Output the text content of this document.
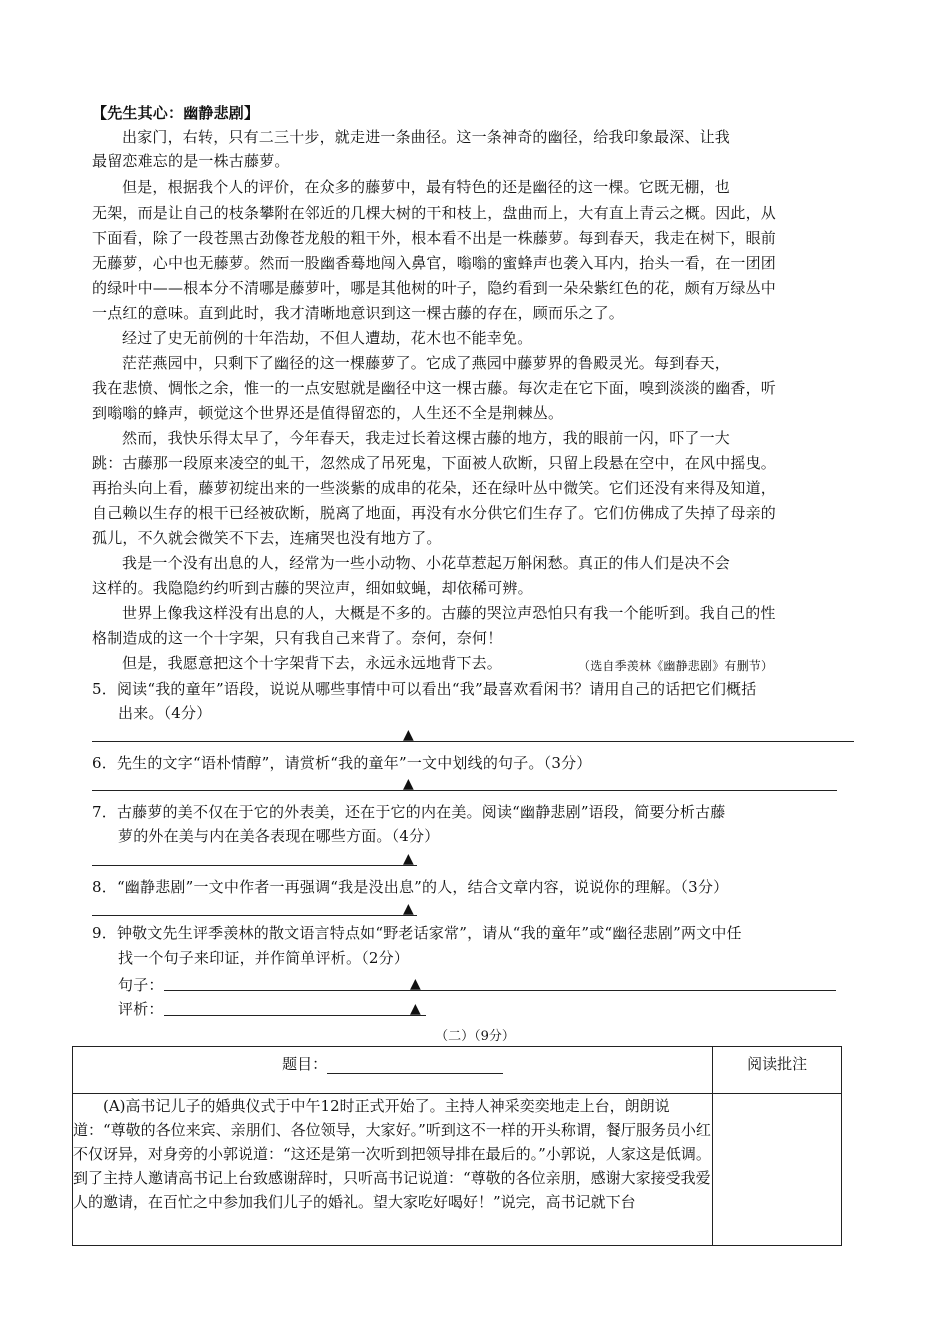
【先生其心：幽静悲剧】
出家门，右转，只有二三十步，就走进一条曲径。这一条神奇的幽径，给我印象最深、让我
最留恋难忘的是一株古藤萝。
但是，根据我个人的评价，在众多的藤萝中，最有特色的还是幽径的这一棵。它既无棚，也
无架，而是让自己的枝条攀附在邻近的几棵大树的干和枝上，盘曲而上，大有直上青云之概。因此，从
下面看，除了一段苍黑古劲像苍龙般的粗干外，根本看不出是一株藤萝。每到春天，我走在树下，眼前
无藤萝，心中也无藤萝。然而一股幽香蓦地闯入鼻官，嗡嗡的蜜蜂声也袭入耳内，抬头一看，在一团团
的绿叶中——根本分不清哪是藤萝叶，哪是其他树的叶子，隐约看到一朵朵紫红色的花，颇有万绿丛中
一点红的意味。直到此时，我才清晰地意识到这一棵古藤的存在，顾而乐之了。
经过了史无前例的十年浩劫，不但人遭劫，花木也不能幸免。
茫茫燕园中，只剩下了幽径的这一棵藤萝了。它成了燕园中藤萝界的鲁殿灵光。每到春天，
我在悲愤、惆怅之余，惟一的一点安慰就是幽径中这一棵古藤。每次走在它下面，嗅到淡淡的幽香，听
到嗡嗡的蜂声，顿觉这个世界还是值得留恋的，人生还不全是荆棘丛。
然而，我快乐得太早了，今年春天，我走过长着这棵古藤的地方，我的眼前一闪，吓了一大
跳：古藤那一段原来凌空的虬干，忽然成了吊死鬼，下面被人砍断，只留上段悬在空中，在风中摇曳。
再抬头向上看，藤萝初绽出来的一些淡紫的成串的花朵，还在绿叶丛中微笑。它们还没有来得及知道，
自己赖以生存的根干已经被砍断，脱离了地面，再没有水分供它们生存了。它们仿佛成了失掉了母亲的
孤儿，不久就会微笑不下去，连痛哭也没有地方了。
我是一个没有出息的人，经常为一些小动物、小花草惹起万斛闲愁。真正的伟人们是决不会
这样的。我隐隐约约听到古藤的哭泣声，细如蚊蝇，却依稀可辨。
世界上像我这样没有出息的人，大概是不多的。古藤的哭泣声恐怕只有我一个能听到。我自己的性
格制造成的这一个十字架，只有我自己来背了。奈何，奈何！
但是，我愿意把这个十字架背下去，永远永远地背下去。	（选自季羡林《幽静悲剧》有删节）
5．阅读“我的童年”语段，说说从哪些事情中可以看出“我”最喜欢看闲书？请用自己的话把它们概括
出来。（4分）
▲
6．先生的文字“语朴情醇”，请赏析“我的童年”一文中划线的句子。（3分）
▲
7．古藤萝的美不仅在于它的外表美，还在于它的内在美。阅读“幽静悲剧”语段，简要分析古藤
萝的外在美与内在美各表现在哪些方面。（4分）
▲
8．“幽静悲剧”一文中作者一再强调“我是没出息”的人，结合文章内容，说说你的理解。（3分）
▲
9．钟敬文先生评季羡林的散文语言特点如“野老话家常”，请从“我的童年”或“幽径悲剧”两文中任
找一个句子来印证，并作简单评析。（2分）
句子：	▲
评析：	▲
（二）（9分）
题目：	阅读批注

(A)高书记儿子的婚典仪式于中午12时正式开始了。主持人神采奕奕地走上台，朗朗说道：“尊敬的各位来宾、亲朋们、各位领导，大家好。”听到这不一样的开头称谓，餐厅服务员小红不仅讶异，对身旁的小郭说道：“这还是第一次听到把领导排在最后的。”小郭说，人家这是低调。到了主持人邀请高书记上台致感谢辞时，只听高书记说道：“尊敬的各位亲朋，感谢大家接受我爱人的邀请，在百忙之中参加我们儿子的婚礼。望大家吃好喝好！”说完，高书记就下台	
